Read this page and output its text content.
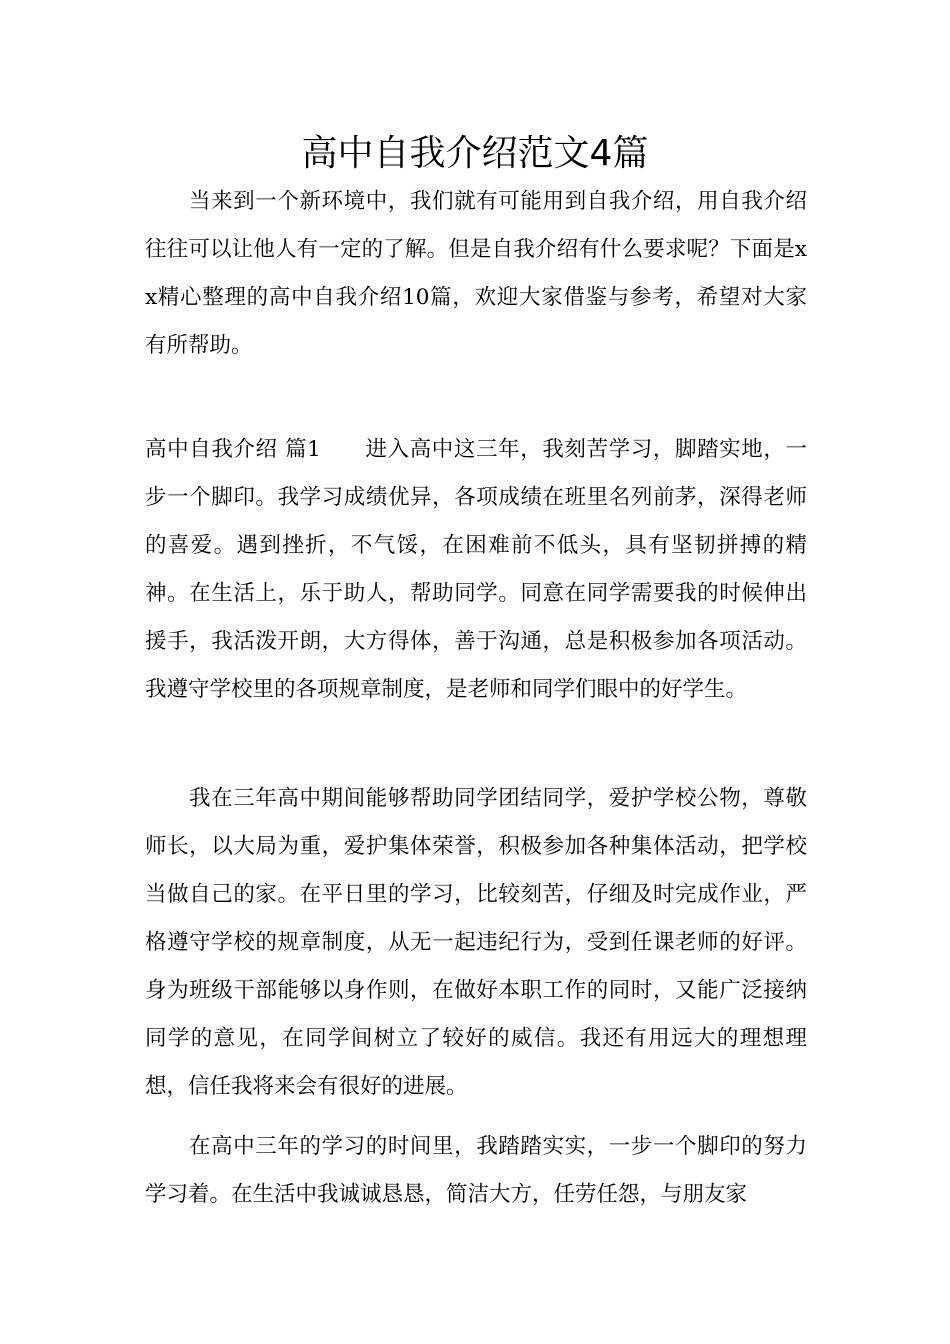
高中自我介绍范文4篇

当来到一个新环境中，我们就有可能用到自我介绍，用自我介绍往往可以让他人有一定的了解。但是自我介绍有什么要求呢？下面是xx精心整理的高中自我介绍10篇，欢迎大家借鉴与参考，希望对大家有所帮助。

高中自我介绍 篇1 进入高中这三年，我刻苦学习，脚踏实地，一步一个脚印。我学习成绩优异，各项成绩在班里名列前茅，深得老师的喜爱。遇到挫折，不气馁，在困难前不低头，具有坚韧拼搏的精神。在生活上，乐于助人，帮助同学。同意在同学需要我的时候伸出援手，我活泼开朗，大方得体，善于沟通，总是积极参加各项活动。我遵守学校里的各项规章制度，是老师和同学们眼中的好学生。

我在三年高中期间能够帮助同学团结同学，爱护学校公物，尊敬师长，以大局为重，爱护集体荣誉，积极参加各种集体活动，把学校当做自己的家。在平日里的学习，比较刻苦，仔细及时完成作业，严格遵守学校的规章制度，从无一起违纪行为，受到任课老师的好评。身为班级干部能够以身作则，在做好本职工作的同时，又能广泛接纳同学的意见，在同学间树立了较好的威信。我还有用远大的理想理想，信任我将来会有很好的进展。

在高中三年的学习的时间里，我踏踏实实，一步一个脚印的努力学习着。在生活中我诚诚恳恳，简洁大方，任劳任怨，与朋友家
